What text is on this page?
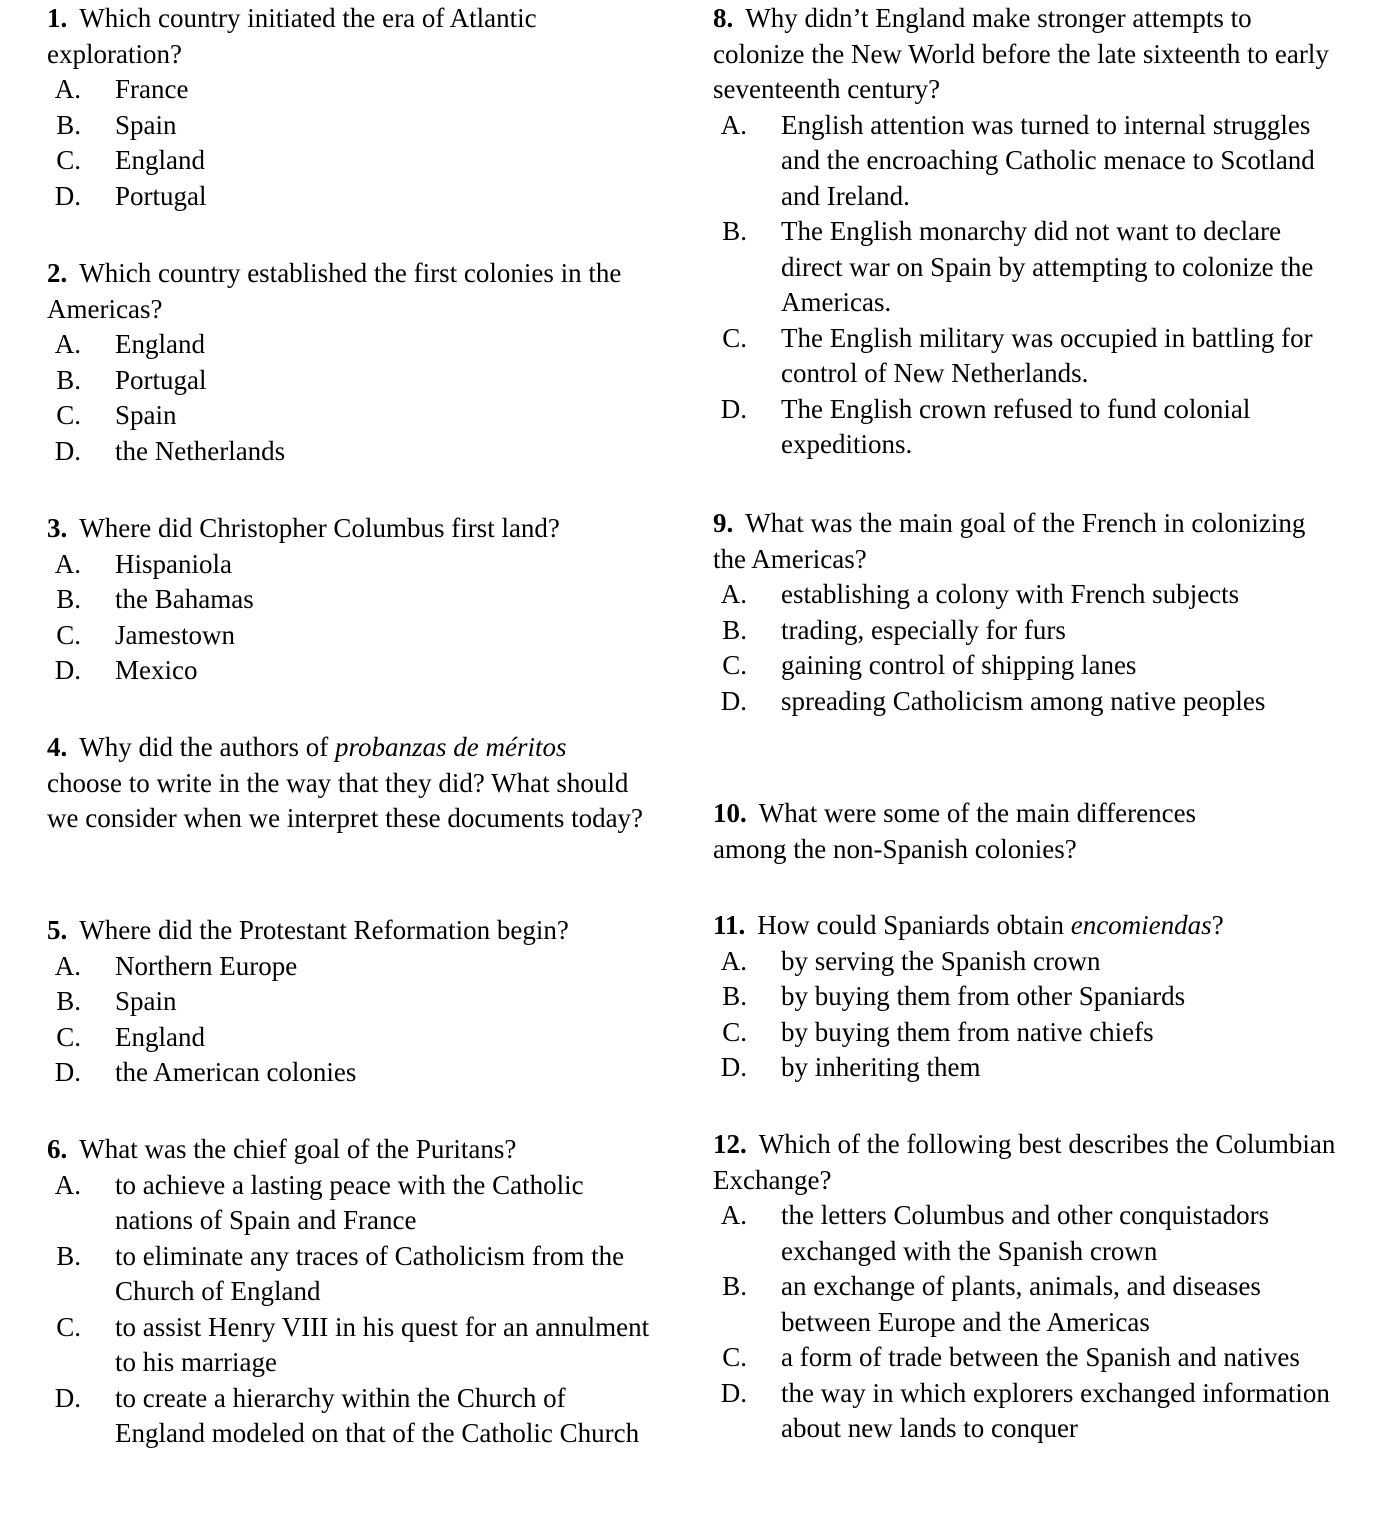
1. Which country initiated the era of Atlantic exploration?

A.	France
B.	Spain
C.	England
D.	Portugal

2. Which country established the first colonies in the Americas?

A.	England
B.	Portugal
C.	Spain
D.	the Netherlands

3. Where did Christopher Columbus first land?

A.	Hispaniola
B.	the Bahamas
C.	Jamestown
D.	Mexico

4. Why did the authors of probanzas de méritos choose to write in the way that they did? What should we consider when we interpret these documents today?

5. Where did the Protestant Reformation begin?

A.	Northern Europe
B.	Spain
C.	England
D.	the American colonies

6. What was the chief goal of the Puritans?

A.	to achieve a lasting peace with the Catholic nations of Spain and France
B.	to eliminate any traces of Catholicism from the Church of England
C.	to assist Henry VIII in his quest for an annulment to his marriage
D.	to create a hierarchy within the Church of England modeled on that of the Catholic Church

8. Why didn’t England make stronger attempts to colonize the New World before the late sixteenth to early seventeenth century?

A.	English attention was turned to internal struggles and the encroaching Catholic menace to Scotland and Ireland.
B.	The English monarchy did not want to declare direct war on Spain by attempting to colonize the Americas.
C.	The English military was occupied in battling for control of New Netherlands.
D.	The English crown refused to fund colonial expeditions.

9. What was the main goal of the French in colonizing the Americas?

A.	establishing a colony with French subjects
B.	trading, especially for furs
C.	gaining control of shipping lanes
D.	spreading Catholicism among native peoples

10. What were some of the main differences among the non-Spanish colonies?

11. How could Spaniards obtain encomiendas?

A.	by serving the Spanish crown
B.	by buying them from other Spaniards
C.	by buying them from native chiefs
D.	by inheriting them

12. Which of the following best describes the Columbian Exchange?

A.	the letters Columbus and other conquistadors exchanged with the Spanish crown
B.	an exchange of plants, animals, and diseases between Europe and the Americas
C.	a form of trade between the Spanish and natives
D.	the way in which explorers exchanged information about new lands to conquer
